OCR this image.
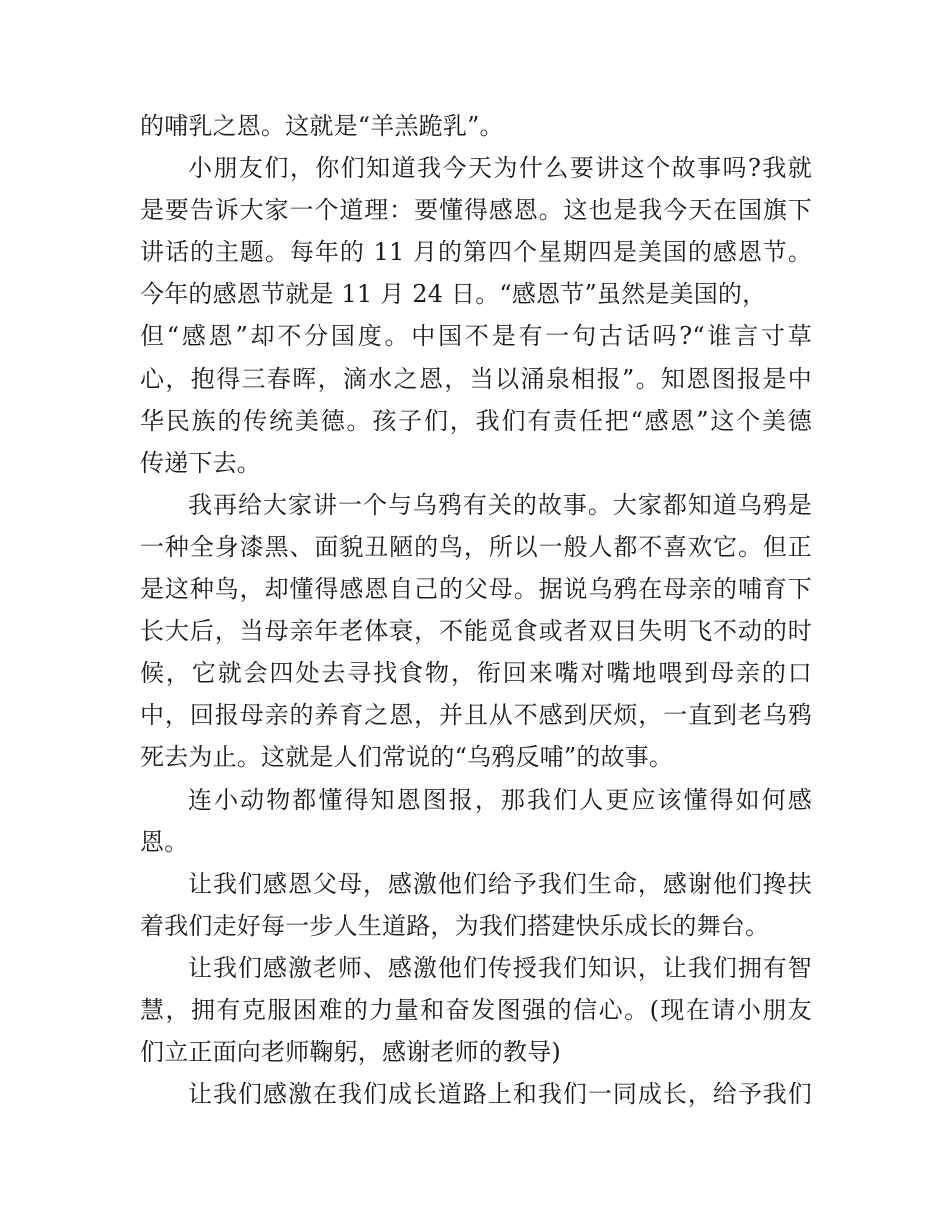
的哺乳之恩。这就是“羊羔跪乳”。
小朋友们，你们知道我今天为什么要讲这个故事吗?我就
是要告诉大家一个道理：要懂得感恩。这也是我今天在国旗下
讲话的主题。每年的 11 月的第四个星期四是美国的感恩节。
今年的感恩节就是 11 月 24 日。“感恩节”虽然是美国的，
但“感恩”却不分国度。中国不是有一句古话吗?“谁言寸草
心，抱得三春晖，滴水之恩，当以涌泉相报”。知恩图报是中
华民族的传统美德。孩子们，我们有责任把“感恩”这个美德
传递下去。
我再给大家讲一个与乌鸦有关的故事。大家都知道乌鸦是
一种全身漆黑、面貌丑陋的鸟，所以一般人都不喜欢它。但正
是这种鸟，却懂得感恩自己的父母。据说乌鸦在母亲的哺育下
长大后，当母亲年老体衰，不能觅食或者双目失明飞不动的时
候，它就会四处去寻找食物，衔回来嘴对嘴地喂到母亲的口
中，回报母亲的养育之恩，并且从不感到厌烦，一直到老乌鸦
死去为止。这就是人们常说的“乌鸦反哺”的故事。
连小动物都懂得知恩图报，那我们人更应该懂得如何感
恩。
让我们感恩父母，感激他们给予我们生命，感谢他们搀扶
着我们走好每一步人生道路，为我们搭建快乐成长的舞台。
让我们感激老师、感激他们传授我们知识，让我们拥有智
慧，拥有克服困难的力量和奋发图强的信心。(现在请小朋友
们立正面向老师鞠躬，感谢老师的教导)
让我们感激在我们成长道路上和我们一同成长，给予我们
